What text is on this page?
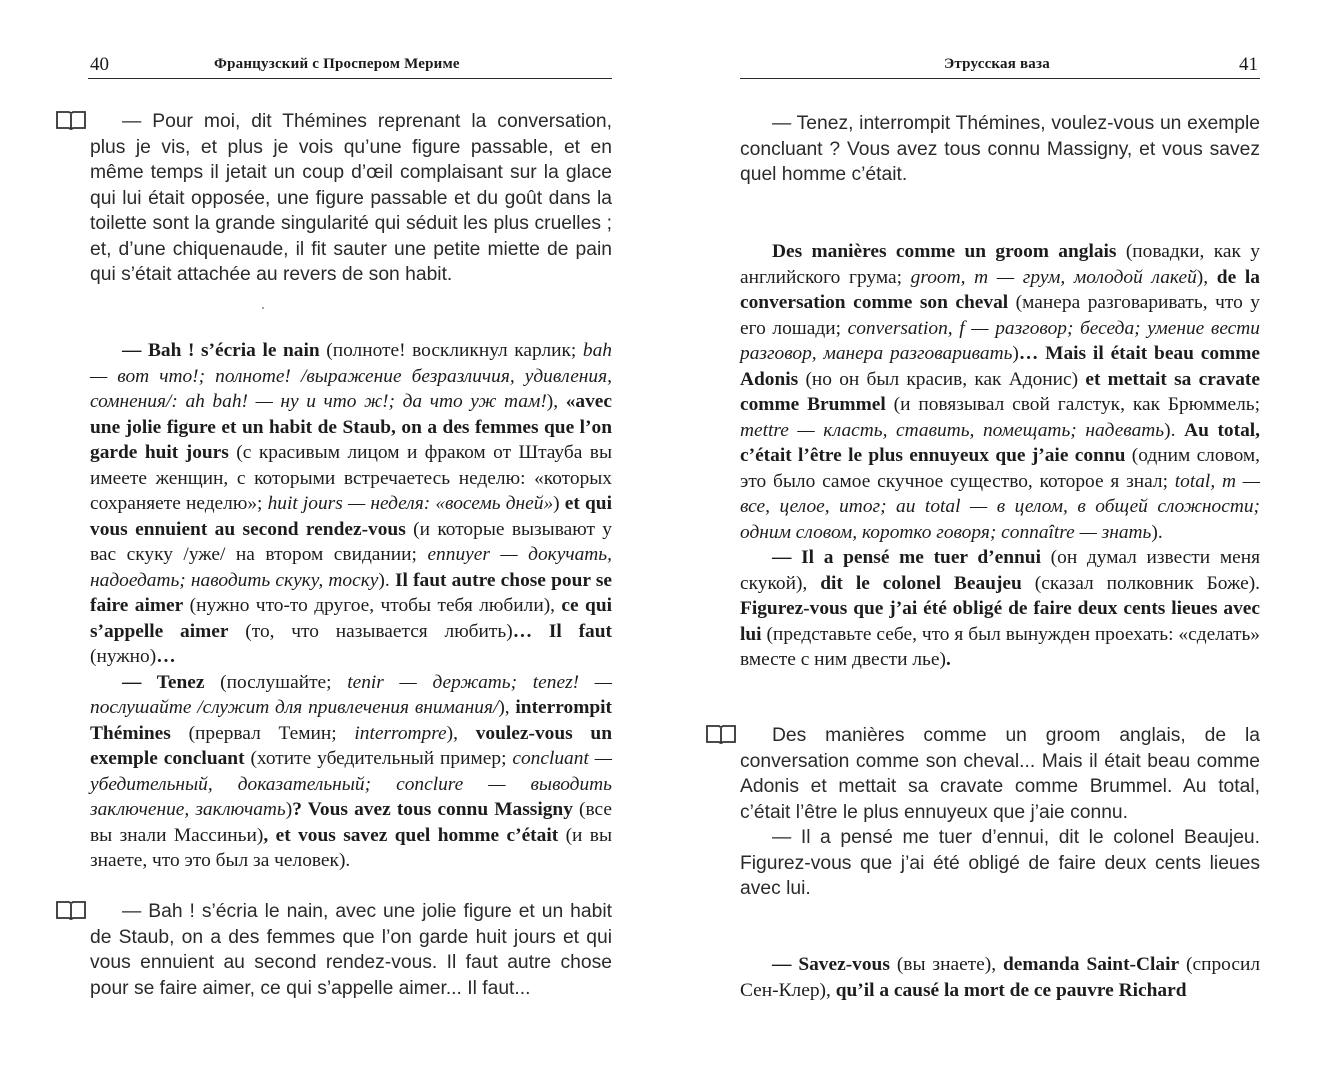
40	Французский с Проспером Мериме

— Pour moi, dit Thémines reprenant la conversation, plus je vis, et plus je vois qu’une figure passable, et en même temps il jetait un coup d’œil complaisant sur la glace qui lui était opposée, une figure passable et du goût dans la toilette sont la grande singularité qui séduit les plus cruelles ; et, d’une chiquenaude, il fit sauter une petite miette de pain qui s’était attachée au revers de son habit.

— Bah ! s’écria le nain (полноте! воскликнул карлик; bah — вот что!; полноте! /выражение безразличия, удивления, сомнения/: ah bah! — ну и что ж!; да что уж там!), «avec une jolie figure et un habit de Staub, on a des femmes que l’on garde huit jours (с красивым лицом и фраком от Штауба вы имеете женщин, с которыми встречаетесь неделю: «которых сохраняете неделю»; huit jours — неделя: «восемь дней») et qui vous ennuient au second rendez-vous (и которые вызывают у вас скуку /уже/ на втором свидании; ennuyer — докучать, надоедать; наводить скуку, тоску). Il faut autre chose pour se faire aimer (нужно что-то другое, чтобы тебя любили), ce qui s’appelle aimer (то, что называется любить)… Il faut (нужно)…

— Tenez (послушайте; tenir — держать; tenez! — послушайте /служит для привлечения внимания/), interrompit Thémines (прервал Темин; interrompre), voulez-vous un exemple concluant (хотите убедительный пример; concluant — убедительный, доказательный; conclure — выводить заключение, заключать)? Vous avez tous connu Massigny (все вы знали Массиньи), et vous savez quel homme c’était (и вы знаете, что это был за человек).

— Bah ! s’écria le nain, avec une jolie figure et un habit de Staub, on a des femmes que l’on garde huit jours et qui vous ennuient au second rendez-vous. Il faut autre chose pour se faire aimer, ce qui s’appelle aimer... Il faut...

Этрусская ваза	41

— Tenez, interrompit Thémines, voulez-vous un exemple concluant ? Vous avez tous connu Massigny, et vous savez quel homme c’était.

Des manières comme un groom anglais (повадки, как у английского грума; groom, m — грум, молодой лакей), de la conversation comme son cheval (манера разговаривать, что у его лошади; conversation, f — разговор; беседа; умение вести разговор, манера разговаривать)… Mais il était beau comme Adonis (но он был красив, как Адонис) et mettait sa cravate comme Brummel (и повязывал свой галстук, как Брюммель; mettre — класть, ставить, помещать; надевать). Au total, c’était l’être le plus ennuyeux que j’aie connu (одним словом, это было самое скучное существо, которое я знал; total, m — все, целое, итог; au total — в целом, в общей сложности; одним словом, коротко говоря; connaître — знать).

— Il a pensé me tuer d’ennui (он думал извести меня скукой), dit le colonel Beaujeu (сказал полковник Боже). Figurez-vous que j’ai été obligé de faire deux cents lieues avec lui (представьте себе, что я был вынужден проехать: «сделать» вместе с ним двести лье).

Des manières comme un groom anglais, de la conversation comme son cheval... Mais il était beau comme Adonis et mettait sa cravate comme Brummel. Au total, c’était l’être le plus ennuyeux que j’aie connu.

— Il a pensé me tuer d’ennui, dit le colonel Beaujeu. Figurez-vous que j’ai été obligé de faire deux cents lieues avec lui.

— Savez-vous (вы знаете), demanda Saint-Clair (спросил Сен-Клер), qu’il a causé la mort de ce pauvre Richard
